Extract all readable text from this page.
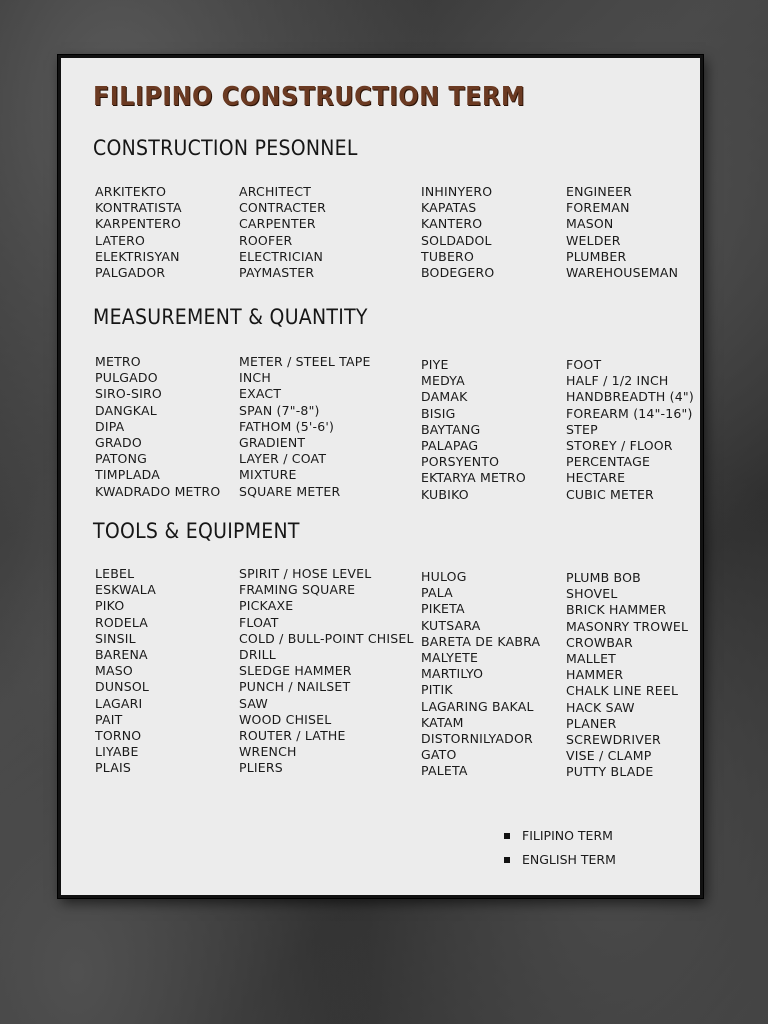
FILIPINO CONSTRUCTION TERM
CONSTRUCTION PESONNEL
ARKITEKTO
KONTRATISTA
KARPENTERO
LATERO
ELEKTRISYAN
PALGADOR
ARCHITECT
CONTRACTER
CARPENTER
ROOFER
ELECTRICIAN
PAYMASTER
INHINYERO
KAPATAS
KANTERO
SOLDADOL
TUBERO
BODEGERO
ENGINEER
FOREMAN
MASON
WELDER
PLUMBER
WAREHOUSEMAN
MEASUREMENT & QUANTITY
METRO
PULGADO
SIRO-SIRO
DANGKAL
DIPA
GRADO
PATONG
TIMPLADA
KWADRADO METRO
METER / STEEL TAPE
INCH
EXACT
SPAN (7"-8")
FATHOM (5'-6')
GRADIENT
LAYER / COAT
MIXTURE
SQUARE METER
PIYE
MEDYA
DAMAK
BISIG
BAYTANG
PALAPAG
PORSYENTO
EKTARYA METRO
KUBIKO
FOOT
HALF / 1/2 INCH
HANDBREADTH (4")
FOREARM (14"-16")
STEP
STOREY / FLOOR
PERCENTAGE
HECTARE
CUBIC METER
TOOLS & EQUIPMENT
LEBEL
ESKWALA
PIKO
RODELA
SINSIL
BARENA
MASO
DUNSOL
LAGARI
PAIT
TORNO
LIYABE
PLAIS
SPIRIT / HOSE LEVEL
FRAMING SQUARE
PICKAXE
FLOAT
COLD / BULL-POINT CHISEL
DRILL
SLEDGE HAMMER
PUNCH / NAILSET
SAW
WOOD CHISEL
ROUTER / LATHE
WRENCH
PLIERS
HULOG
PALA
PIKETA
KUTSARA
BARETA DE KABRA
MALYETE
MARTILYO
PITIK
LAGARING BAKAL
KATAM
DISTORNILYADOR
GATO
PALETA
PLUMB BOB
SHOVEL
BRICK HAMMER
MASONRY TROWEL
CROWBAR
MALLET
HAMMER
CHALK LINE REEL
HACK SAW
PLANER
SCREWDRIVER
VISE / CLAMP
PUTTY BLADE
FILIPINO TERM
ENGLISH TERM
